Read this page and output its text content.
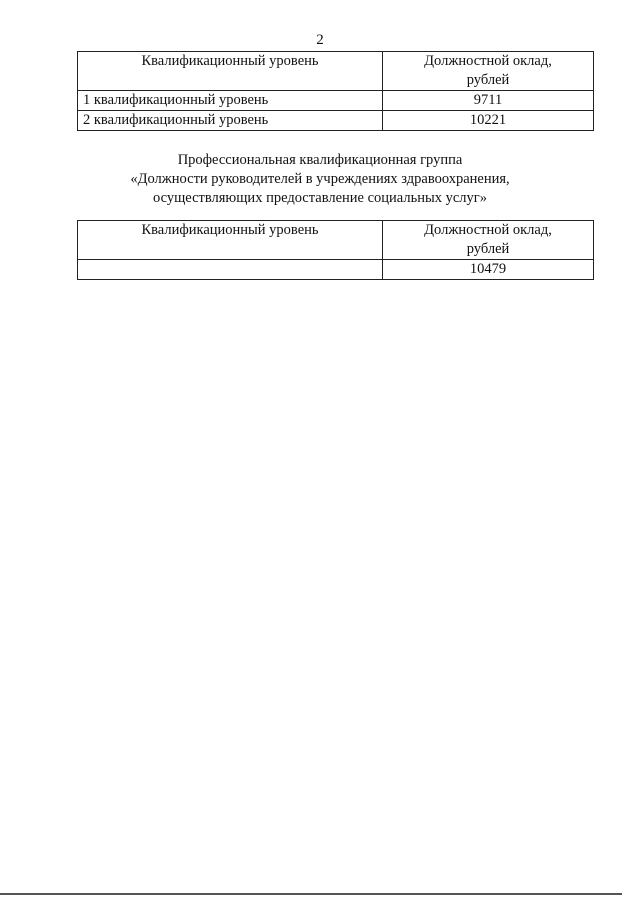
2
Квалификационный уровень	Должностной оклад,
рублей

1 квалификационный уровень	9711
2 квалификационный уровень	10221
Профессиональная квалификационная группа
«Должности руководителей в учреждениях здравоохранения,
осуществляющих предоставление социальных услуг»
Квалификационный уровень	Должностной оклад,
рублей

	10479
